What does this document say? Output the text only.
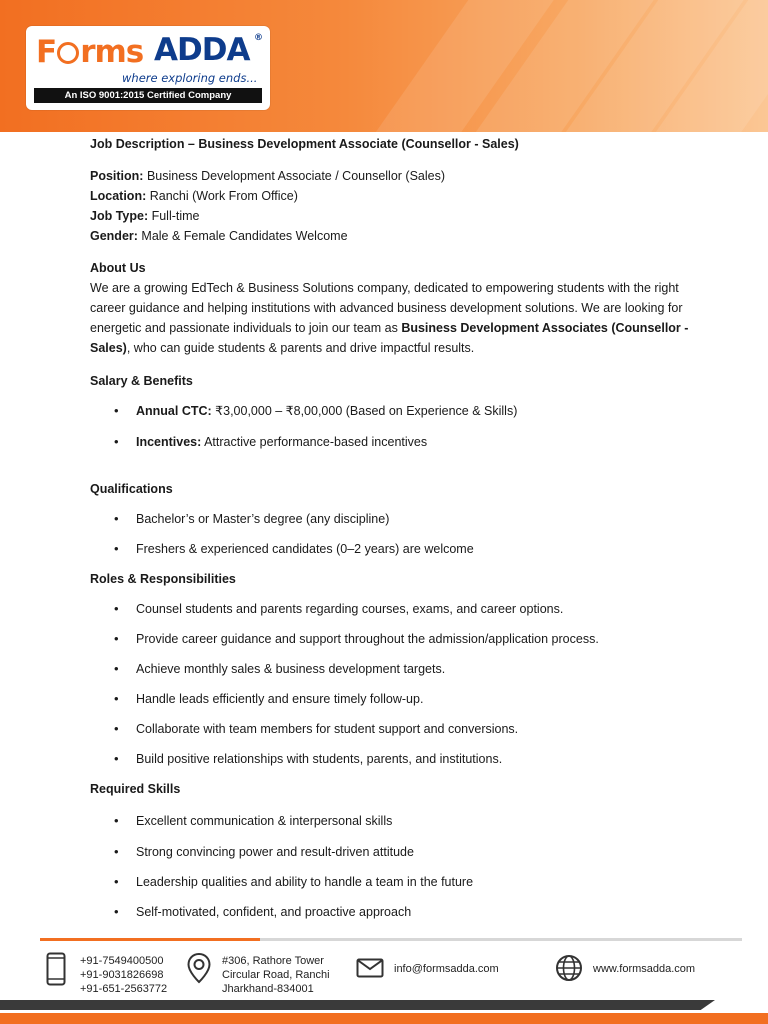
F rms ADDA ®
where exploring ends...
An ISO 9001:2015 Certified Company

Job Description – Business Development Associate (Counsellor - Sales)

Position: Business Development Associate / Counsellor (Sales)

Location: Ranchi (Work From Office)

Job Type: Full-time

Gender: Male & Female Candidates Welcome

About Us

We are a growing EdTech & Business Solutions company, dedicated to empowering students with the right career guidance and helping institutions with advanced business development solutions. We are looking for energetic and passionate individuals to join our team as Business Development Associates (Counsellor - Sales), who can guide students & parents and drive impactful results.

Salary & Benefits

• Annual CTC: ₹3,00,000 – ₹8,00,000 (Based on Experience & Skills)
• Incentives: Attractive performance-based incentives

Qualifications

• Bachelor’s or Master’s degree (any discipline)
• Freshers & experienced candidates (0–2 years) are welcome

Roles & Responsibilities

• Counsel students and parents regarding courses, exams, and career options.
• Provide career guidance and support throughout the admission/application process.
• Achieve monthly sales & business development targets.
• Handle leads efficiently and ensure timely follow-up.
• Collaborate with team members for student support and conversions.
• Build positive relationships with students, parents, and institutions.

Required Skills

• Excellent communication & interpersonal skills
• Strong convincing power and result-driven attitude
• Leadership qualities and ability to handle a team in the future
• Self-motivated, confident, and proactive approach
+91-7549400500
+91-9031826698
+91-651-2563772
#306, Rathore Tower
Circular Road, Ranchi
Jharkhand-834001
info@formsadda.com	www.formsadda.com
